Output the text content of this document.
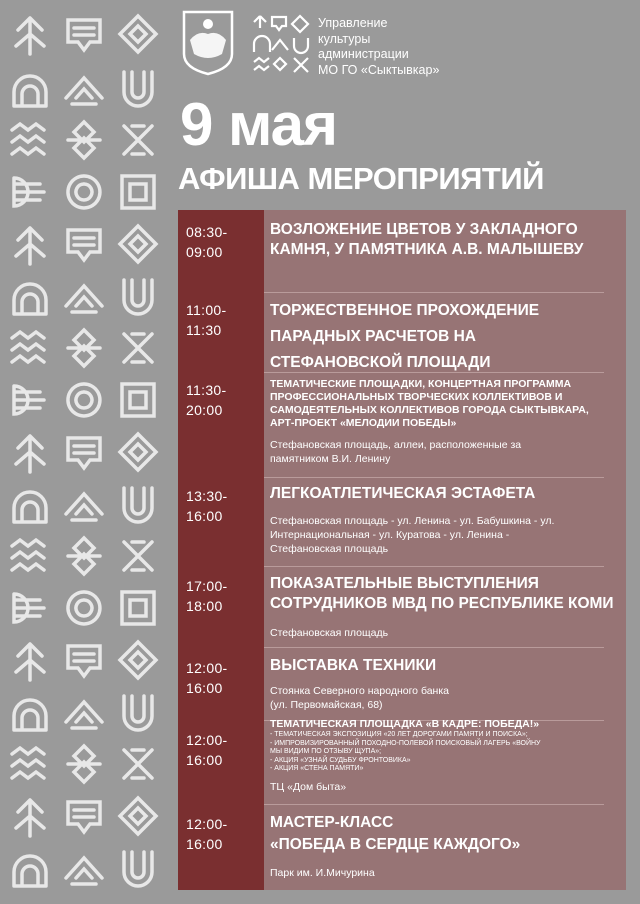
Управление
культуры
администрации
МО ГО «Сыктывкар»
9 мая
АФИША МЕРОПРИЯТИЙ
08:30-
09:00
ВОЗЛОЖЕНИЕ ЦВЕТОВ У ЗАКЛАДНОГО
КАМНЯ, У ПАМЯТНИКА А.В. МАЛЫШЕВУ
11:00-
11:30
ТОРЖЕСТВЕННОЕ ПРОХОЖДЕНИЕ
ПАРАДНЫХ РАСЧЕТОВ НА
СТЕФАНОВСКОЙ ПЛОЩАДИ
11:30-
20:00
ТЕМАТИЧЕСКИЕ ПЛОЩАДКИ, КОНЦЕРТНАЯ ПРОГРАММА
ПРОФЕССИОНАЛЬНЫХ ТВОРЧЕСКИХ КОЛЛЕКТИВОВ И
САМОДЕЯТЕЛЬНЫХ КОЛЛЕКТИВОВ ГОРОДА СЫКТЫВКАРА,
АРТ-ПРОЕКТ «МЕЛОДИИ ПОБЕДЫ»
Стефановская площадь, аллеи, расположенные за
памятником В.И. Ленину
13:30-
16:00
ЛЕГКОАТЛЕТИЧЕСКАЯ ЭСТАФЕТА
Стефановская площадь - ул. Ленина - ул. Бабушкина - ул.
Интернациональная - ул. Куратова - ул. Ленина -
Стефановская площадь
17:00-
18:00
ПОКАЗАТЕЛЬНЫЕ ВЫСТУПЛЕНИЯ
СОТРУДНИКОВ МВД ПО РЕСПУБЛИКЕ КОМИ
Стефановская площадь
12:00-
16:00
ВЫСТАВКА ТЕХНИКИ
Стоянка Северного народного банка
(ул. Первомайская, 68)
12:00-
16:00
ТЕМАТИЧЕСКАЯ ПЛОЩАДКА «В КАДРЕ: ПОБЕДА!»
- ТЕМАТИЧЕСКАЯ ЭКСПОЗИЦИЯ «20 ЛЕТ ДОРОГАМИ ПАМЯТИ И ПОИСКА»;
- ИМПРОВИЗИРОВАННЫЙ ПОХОДНО-ПОЛЕВОЙ ПОИСКОВЫЙ ЛАГЕРЬ «ВОЙНУ
МЫ ВИДИМ ПО ОТЗЫВУ ЩУПА»;
- АКЦИЯ «УЗНАЙ СУДЬБУ ФРОНТОВИКА»
- АКЦИЯ «СТЕНА ПАМЯТИ»
ТЦ «Дом быта»
12:00-
16:00
МАСТЕР-КЛАСС
«ПОБЕДА В СЕРДЦЕ КАЖДОГО»
Парк им. И.Мичурина
